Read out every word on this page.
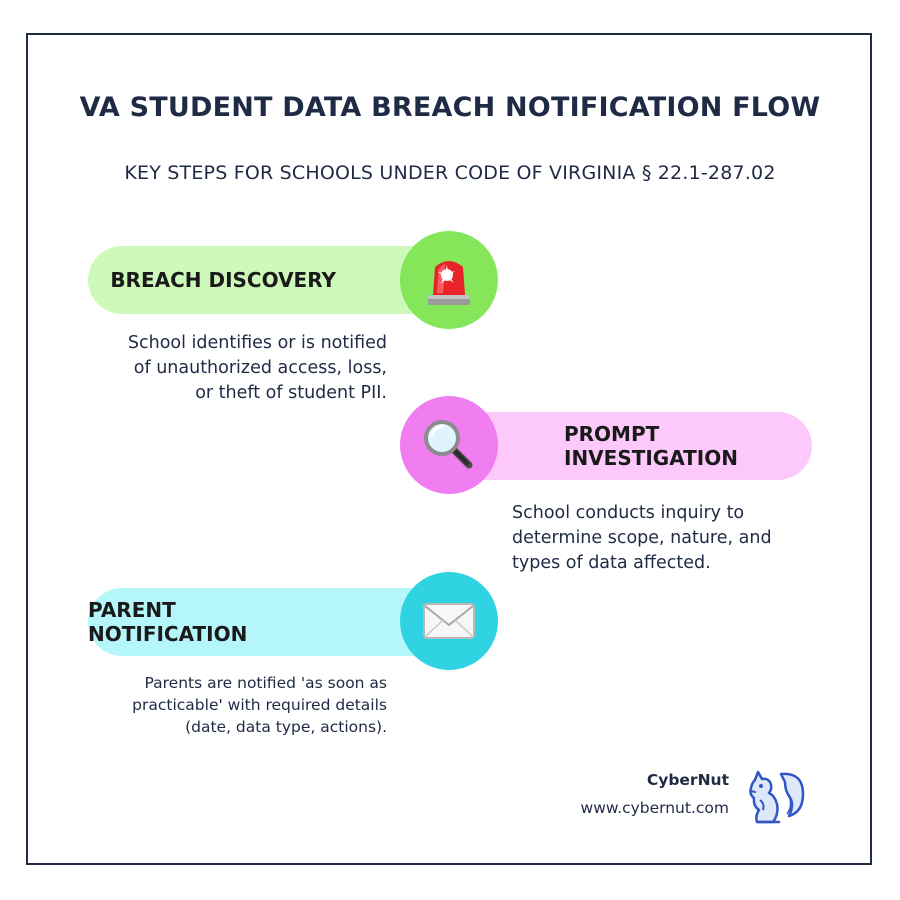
VA STUDENT DATA BREACH NOTIFICATION FLOW
KEY STEPS FOR SCHOOLS UNDER CODE OF VIRGINIA § 22.1-287.02
BREACH DISCOVERY
School identifies or is notified
of unauthorized access, loss,
or theft of student PII.
PROMPT INVESTIGATION
School conducts inquiry to
determine scope, nature, and
types of data affected.
PARENT NOTIFICATION
Parents are notified 'as soon as
practicable' with required details
(date, data type, actions).
CyberNut
www.cybernut.com
